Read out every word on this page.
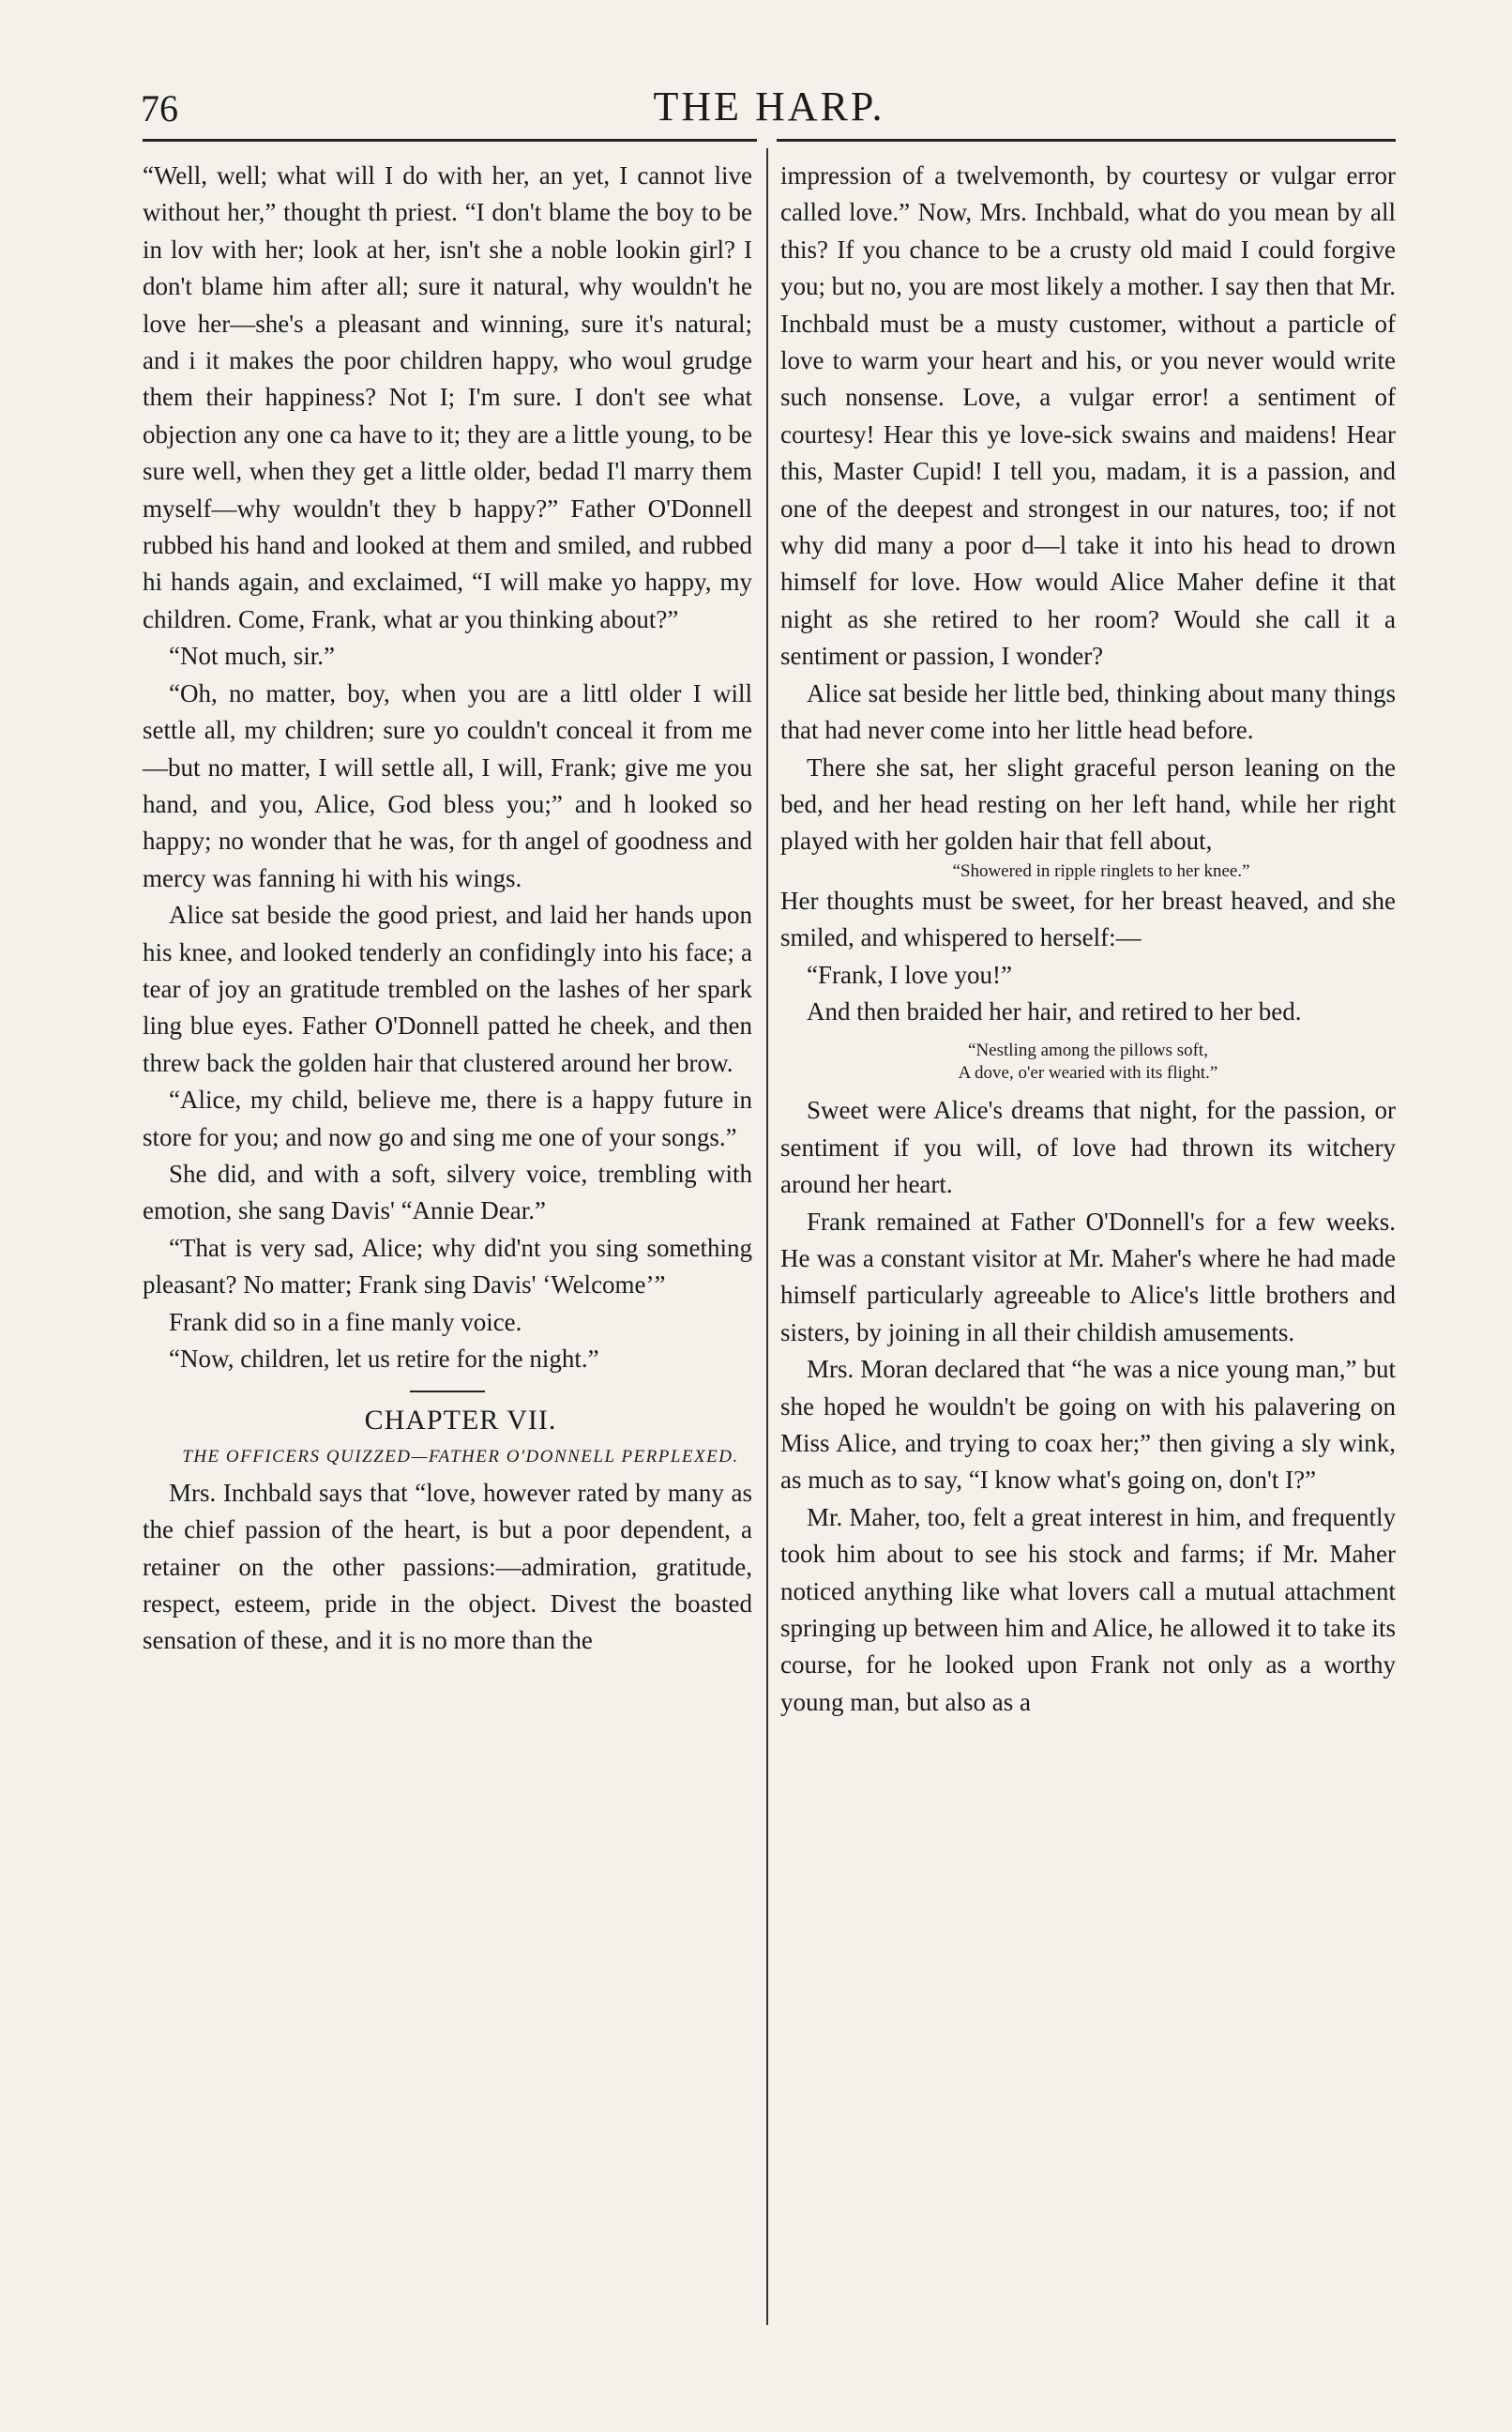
76	THE HARP.

“Well, well; what will I do with her, an yet, I cannot live without her,” thought th priest. “I don't blame the boy to be in lov with her; look at her, isn't she a noble lookin girl? I don't blame him after all; sure it natural, why wouldn't he love her—she's a pleasant and winning, sure it's natural; and i it makes the poor children happy, who woul grudge them their happiness? Not I; I'm sure. I don't see what objection any one ca have to it; they are a little young, to be sure well, when they get a little older, bedad I'l marry them myself—why wouldn't they b happy?” Father O'Donnell rubbed his hand and looked at them and smiled, and rubbed hi hands again, and exclaimed, “I will make yo happy, my children. Come, Frank, what ar you thinking about?”

“Not much, sir.”

“Oh, no matter, boy, when you are a littl older I will settle all, my children; sure yo couldn't conceal it from me—but no matter, I will settle all, I will, Frank; give me you hand, and you, Alice, God bless you;” and h looked so happy; no wonder that he was, for th angel of goodness and mercy was fanning hi with his wings.

Alice sat beside the good priest, and laid her hands upon his knee, and looked tenderly an confidingly into his face; a tear of joy an gratitude trembled on the lashes of her spark ling blue eyes. Father O'Donnell patted he cheek, and then threw back the golden hair that clustered around her brow.

“Alice, my child, believe me, there is a happy future in store for you; and now go and sing me one of your songs.”

She did, and with a soft, silvery voice, trembling with emotion, she sang Davis' “Annie Dear.”

“That is very sad, Alice; why did'nt you sing something pleasant? No matter; Frank sing Davis' ‘Welcome’”

Frank did so in a fine manly voice.

“Now, children, let us retire for the night.”

CHAPTER VII.

THE OFFICERS QUIZZED—FATHER O'DONNELL PERPLEXED.

Mrs. Inchbald says that “love, however rated by many as the chief passion of the heart, is but a poor dependent, a retainer on the other passions:—admiration, gratitude, respect, esteem, pride in the object. Divest the boasted sensation of these, and it is no more than the

impression of a twelvemonth, by courtesy or vulgar error called love.” Now, Mrs. Inchbald, what do you mean by all this? If you chance to be a crusty old maid I could forgive you; but no, you are most likely a mother. I say then that Mr. Inchbald must be a musty customer, without a particle of love to warm your heart and his, or you never would write such nonsense. Love, a vulgar error! a sentiment of courtesy! Hear this ye love-sick swains and maidens! Hear this, Master Cupid! I tell you, madam, it is a passion, and one of the deepest and strongest in our natures, too; if not why did many a poor d—l take it into his head to drown himself for love. How would Alice Maher define it that night as she retired to her room? Would she call it a sentiment or passion, I wonder?

Alice sat beside her little bed, thinking about many things that had never come into her little head before.

There she sat, her slight graceful person leaning on the bed, and her head resting on her left hand, while her right played with her golden hair that fell about,

“Showered in ripple ringlets to her knee.”

Her thoughts must be sweet, for her breast heaved, and she smiled, and whispered to herself:—

“Frank, I love you!”

And then braided her hair, and retired to her bed.

“Nestling among the pillows soft,
A dove, o'er wearied with its flight.”

Sweet were Alice's dreams that night, for the passion, or sentiment if you will, of love had thrown its witchery around her heart.

Frank remained at Father O'Donnell's for a few weeks. He was a constant visitor at Mr. Maher's where he had made himself particularly agreeable to Alice's little brothers and sisters, by joining in all their childish amusements.

Mrs. Moran declared that “he was a nice young man,” but she hoped he wouldn't be going on with his palavering on Miss Alice, and trying to coax her;” then giving a sly wink, as much as to say, “I know what's going on, don't I?”

Mr. Maher, too, felt a great interest in him, and frequently took him about to see his stock and farms; if Mr. Maher noticed anything like what lovers call a mutual attachment springing up between him and Alice, he allowed it to take its course, for he looked upon Frank not only as a worthy young man, but also as a
